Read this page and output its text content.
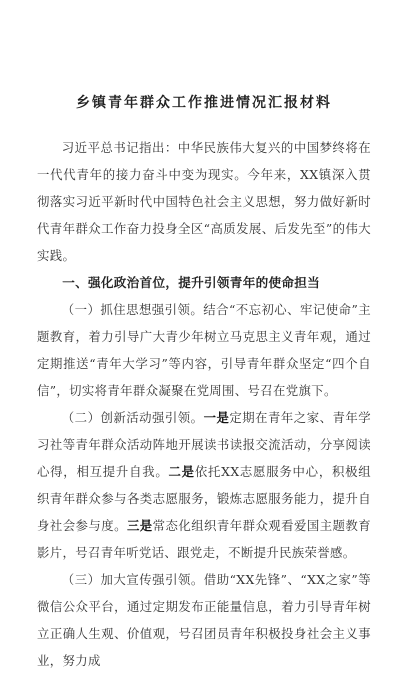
乡镇青年群众工作推进情况汇报材料

习近平总书记指出：中华民族伟大复兴的中国梦终将在一代代青年的接力奋斗中变为现实。今年来，XX镇深入贯彻落实习近平新时代中国特色社会主义思想，努力做好新时代青年群众工作奋力投身全区“高质发展、后发先至”的伟大实践。

一、强化政治首位，提升引领青年的使命担当

（一）抓住思想强引领。结合“不忘初心、牢记使命”主题教育，着力引导广大青少年树立马克思主义青年观，通过定期推送“青年大学习”等内容，引导青年群众坚定“四个自信”，切实将青年群众凝聚在党周围、号召在党旗下。

（二）创新活动强引领。一是定期在青年之家、青年学习社等青年群众活动阵地开展读书读报交流活动，分享阅读心得，相互提升自我。二是依托XX志愿服务中心，积极组织青年群众参与各类志愿服务，锻炼志愿服务能力，提升自身社会参与度。三是常态化组织青年群众观看爱国主题教育影片，号召青年听党话、跟党走，不断提升民族荣誉感。

（三）加大宣传强引领。借助“XX先锋”、“XX之家”等微信公众平台，通过定期发布正能量信息，着力引导青年树立正确人生观、价值观，号召团员青年积极投身社会主义事业，努力成
